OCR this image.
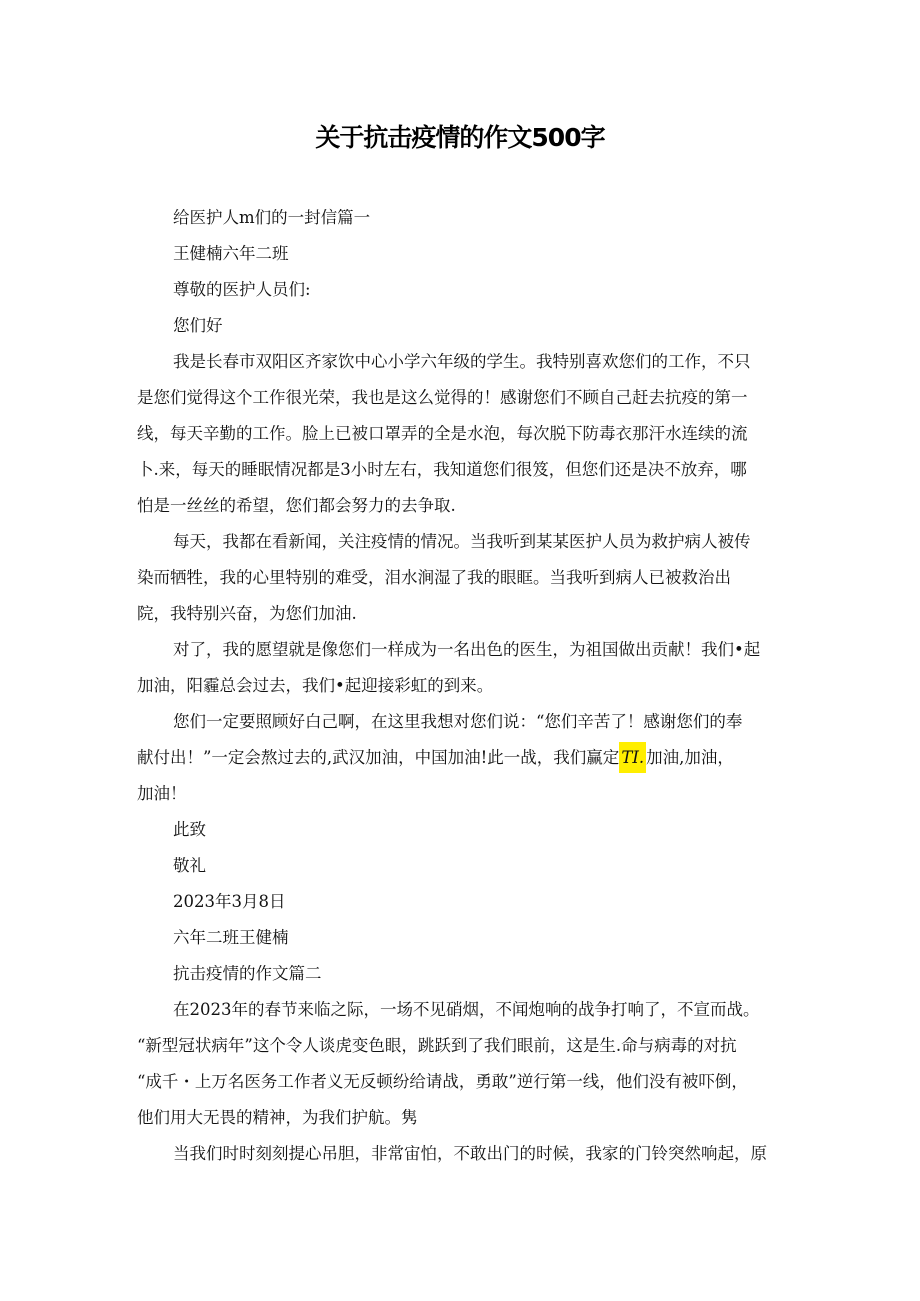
关于抗击疫情的作文500字
给医护人m们的一封信篇一
王健楠六年二班
尊敬的医护人员们:
您们好
我是长春市双阳区齐家饮中心小学六年级的学生。我特别喜欢您们的工作，不只
是您们觉得这个工作很光荣，我也是这么觉得的！感谢您们不顾自己赶去抗疫的第一
线，每天辛勤的工作。脸上已被口罩弄的全是水泡，每次脱下防毒衣那汗水连续的流
卜.来，每天的睡眠情况都是3小时左右，我知道您们很笈，但您们还是决不放弃，哪
怕是一丝丝的希望，您们都会努力的去争取.
每天，我都在看新闻，关注疫情的情况。当我听到某某医护人员为救护病人被传
染而牺牲，我的心里特别的难受，泪水涧湿了我的眼眶。当我听到病人已被救治出
院，我特别兴奋，为您们加油.
对了，我的愿望就是像您们一样成为一名出色的医生，为祖国做出贡献！我们•起
加油，阳霾总会过去，我们•起迎接彩虹的到来。
您们一定要照顾好白己啊，在这里我想对您们说：“您们辛苦了！感谢您们的奉
献付出！”一定会熬过去的,武汉加油，中国加油!此一战，我们赢定 TI. 加油,加油，
加油！
此致
敬礼
2023年3月8日
六年二班王健楠
抗击疫情的作文篇二
在2023年的春节来临之际，一场不见硝烟，不闻炮响的战争打响了，不宣而战。
“新型冠状病年”这个令人谈虎变色眼，跳跃到了我们眼前，这是生.命与病毒的对抗
“成千・上万名医务工作者义无反顿纷给请战，勇敢”逆行第一线，他们没有被吓倒，
他们用大无畏的精神，为我们护航。隽
当我们时时刻刻提心吊胆，非常宙怕，不敢出门的时候，我家的门铃突然响起，原
